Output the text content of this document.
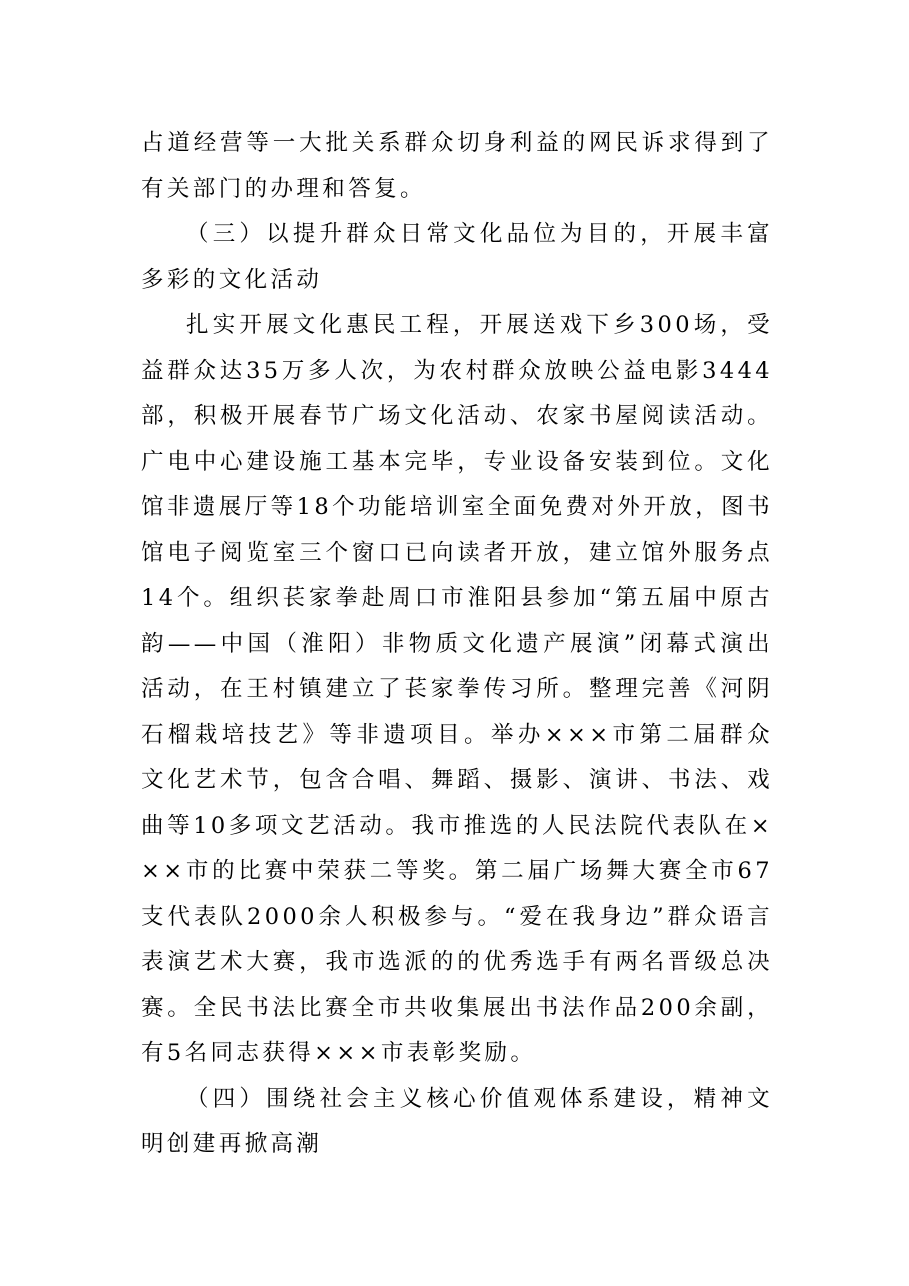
占道经营等一大批关系群众切身利益的网民诉求得到了有关部门的办理和答复。

（三）以提升群众日常文化品位为目的，开展丰富多彩的文化活动

扎实开展文化惠民工程，开展送戏下乡300场，受益群众达35万多人次，为农村群众放映公益电影3444部，积极开展春节广场文化活动、农家书屋阅读活动。广电中心建设施工基本完毕，专业设备安装到位。文化馆非遗展厅等18个功能培训室全面免费对外开放，图书馆电子阅览室三个窗口已向读者开放，建立馆外服务点14个。组织苌家拳赴周口市淮阳县参加“第五届中原古韵——中国（淮阳）非物质文化遗产展演”闭幕式演出活动，在王村镇建立了苌家拳传习所。整理完善《河阴石榴栽培技艺》等非遗项目。举办×××市第二届群众文化艺术节，包含合唱、舞蹈、摄影、演讲、书法、戏曲等10多项文艺活动。我市推选的人民法院代表队在×××市的比赛中荣获二等奖。第二届广场舞大赛全市67支代表队2000余人积极参与。“爱在我身边”群众语言表演艺术大赛，我市选派的的优秀选手有两名晋级总决赛。全民书法比赛全市共收集展出书法作品200余副，有5名同志获得×××市表彰奖励。

（四）围绕社会主义核心价值观体系建设，精神文明创建再掀高潮
